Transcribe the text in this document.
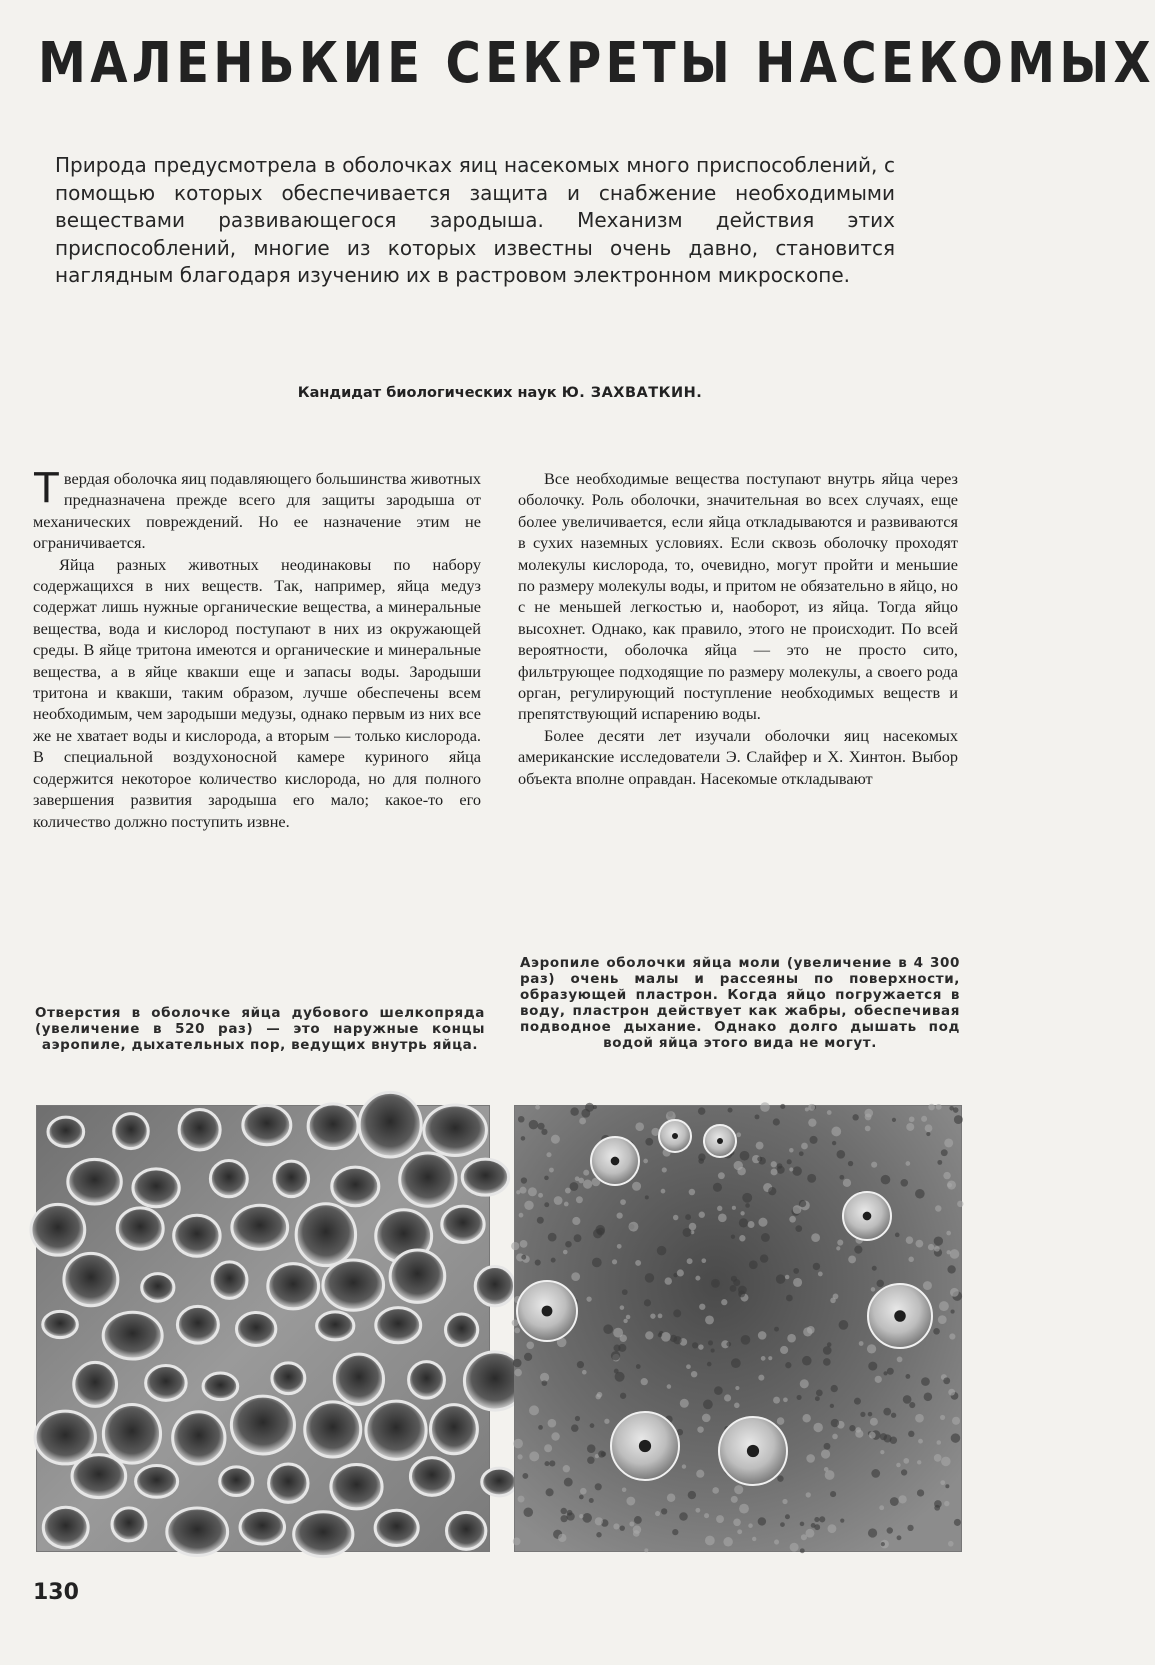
МАЛЕНЬКИЕ СЕКРЕТЫ НАСЕКОМЫХ

Природа предусмотрела в оболочках яиц насекомых много приспособлений, с помощью которых обеспечивается защита и снабжение необходимыми веществами развивающегося зародыша. Механизм действия этих приспособлений, многие из которых известны очень давно, становится наглядным благодаря изучению их в растровом электронном микроскопе.

Кандидат биологических наук Ю. ЗАХВАТКИН.

Твердая оболочка яиц подавляющего большинства животных предназначена прежде всего для защиты зародыша от механических повреждений. Но ее назначение этим не ограничивается.

Яйца разных животных неодинаковы по набору содержащихся в них веществ. Так, например, яйца медуз содержат лишь нужные органические вещества, а минеральные вещества, вода и кислород поступают в них из окружающей среды. В яйце тритона имеются и органические и минеральные вещества, а в яйце квакши еще и запасы воды. Зародыши тритона и квакши, таким образом, лучше обеспечены всем необходимым, чем зародыши медузы, однако первым из них все же не хватает воды и кислорода, а вторым — только кислорода. В специальной воздухоносной камере куриного яйца содержится некоторое количество кислорода, но для полного завершения развития зародыша его мало; какое-то его количество должно поступить извне.

Все необходимые вещества поступают внутрь яйца через оболочку. Роль оболочки, значительная во всех случаях, еще более увеличивается, если яйца откладываются и развиваются в сухих наземных условиях. Если сквозь оболочку проходят молекулы кислорода, то, очевидно, могут пройти и меньшие по размеру молекулы воды, и притом не обязательно в яйцо, но с не меньшей легкостью и, наоборот, из яйца. Тогда яйцо высохнет. Однако, как правило, этого не происходит. По всей вероятности, оболочка яйца — это не просто сито, фильтрующее подходящие по размеру молекулы, а своего рода орган, регулирующий поступление необходимых веществ и препятствующий испарению воды.

Более десяти лет изучали оболочки яиц насекомых американские исследователи Э. Слайфер и Х. Хинтон. Выбор объекта вполне оправдан. Насекомые откладывают

Отверстия в оболочке яйца дубового шелкопряда (увеличение в 520 раз) — это наружные концы аэропиле, дыхательных пор, ведущих внутрь яйца.
Аэропиле оболочки яйца моли (увеличение в 4 300 раз) очень малы и рассеяны по поверхности, образующей пластрон. Когда яйцо погружается в воду, пластрон действует как жабры, обеспечивая подводное дыхание. Однако долго дышать под водой яйца этого вида не могут.
130
